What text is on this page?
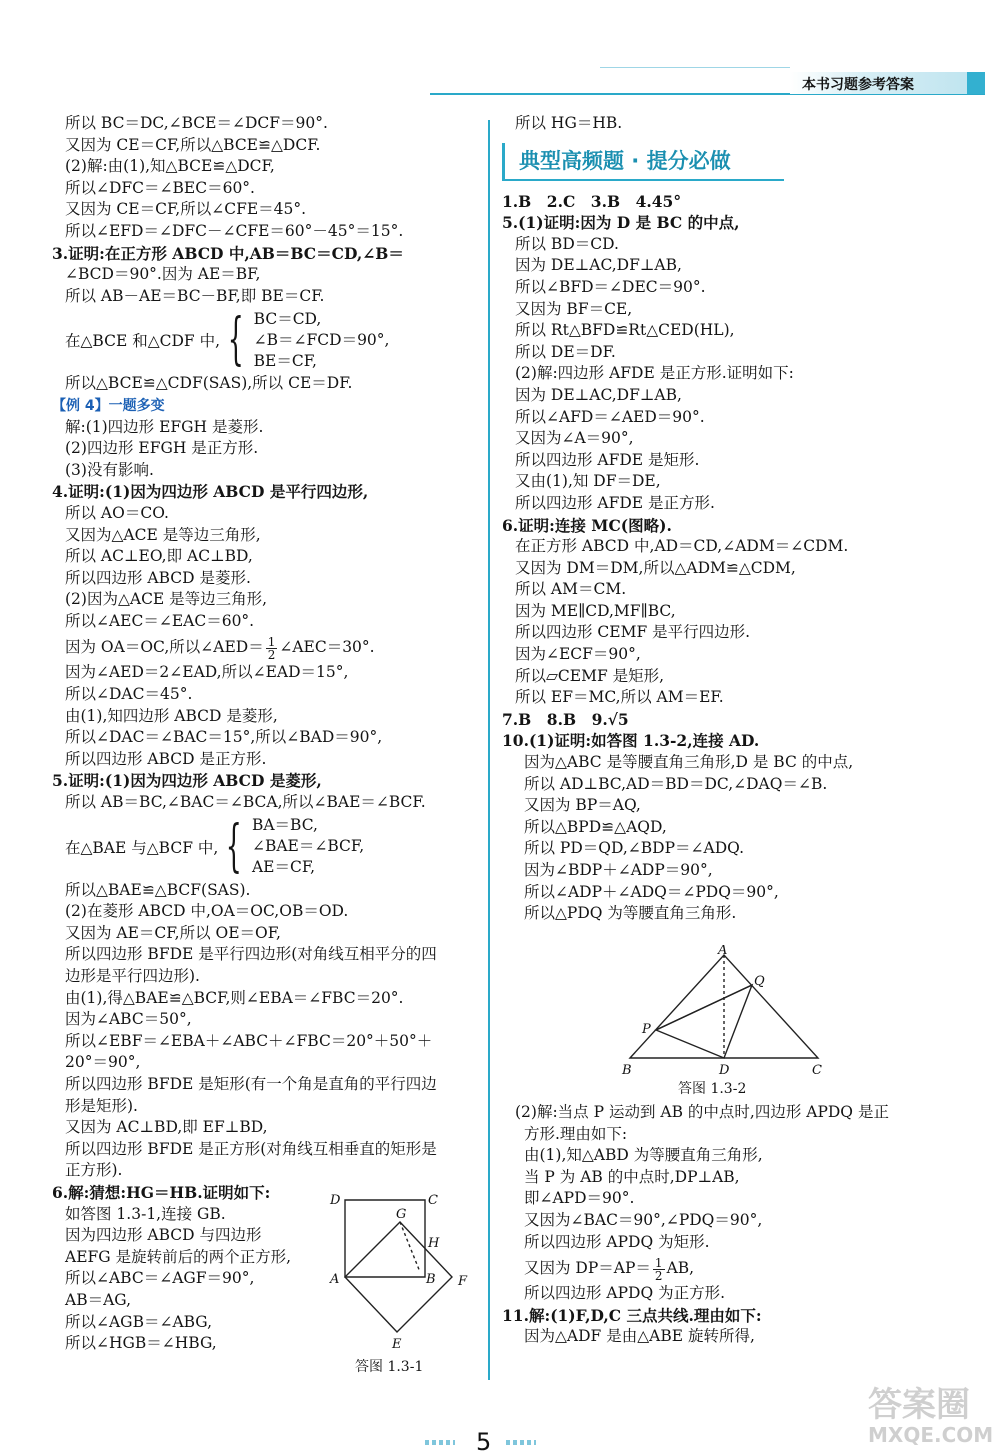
本书习题参考答案
所以 BC＝DC,∠BCE＝∠DCF＝90°.
又因为 CE＝CF,所以△BCE≌△DCF.
(2)解:由(1),知△BCE≌△DCF,
所以∠DFC＝∠BEC＝60°.
又因为 CE＝CF,所以∠CFE＝45°.
所以∠EFD＝∠DFC－∠CFE＝60°－45°＝15°.
3.证明:在正方形 ABCD 中,AB＝BC＝CD,∠B＝
∠BCD＝90°.因为 AE＝BF,
所以 AB－AE＝BC－BF,即 BE＝CF.
在△BCE 和△CDF 中, { BC＝CD,
∠B＝∠FCD＝90°,
BE＝CF,
所以△BCE≌△CDF(SAS),所以 CE＝DF.
【例 4】一题多变
解:(1)四边形 EFGH 是菱形.
(2)四边形 EFGH 是正方形.
(3)没有影响.
4.证明:(1)因为四边形 ABCD 是平行四边形,
所以 AO＝CO.
又因为△ACE 是等边三角形,
所以 AC⊥EO,即 AC⊥BD,
所以四边形 ABCD 是菱形.
(2)因为△ACE 是等边三角形,
所以∠AEC＝∠EAC＝60°.
因为 OA＝OC,所以∠AED＝ $\frac{1}{2}$ ∠AEC＝30°.
因为∠AED＝2∠EAD,所以∠EAD＝15°,
所以∠DAC＝45°.
由(1),知四边形 ABCD 是菱形,
所以∠DAC＝∠BAC＝15°,所以∠BAD＝90°,
所以四边形 ABCD 是正方形.
5.证明:(1)因为四边形 ABCD 是菱形,
所以 AB＝BC,∠BAC＝∠BCA,所以∠BAE＝∠BCF.
在△BAE 与△BCF 中, { BA＝BC,
∠BAE＝∠BCF,
AE＝CF,
所以△BAE≌△BCF(SAS).
(2)在菱形 ABCD 中,OA＝OC,OB＝OD.
又因为 AE＝CF,所以 OE＝OF,
所以四边形 BFDE 是平行四边形(对角线互相平分的四
边形是平行四边形).
由(1),得△BAE≌△BCF,则∠EBA＝∠FBC＝20°.
因为∠ABC＝50°,
所以∠EBF＝∠EBA＋∠ABC＋∠FBC＝20°＋50°＋
20°＝90°,
所以四边形 BFDE 是矩形(有一个角是直角的平行四边
形是矩形).
又因为 AC⊥BD,即 EF⊥BD,
所以四边形 BFDE 是正方形(对角线互相垂直的矩形是
正方形).
6.解:猜想:HG＝HB.证明如下:
如答图 1.3-1,连接 GB.
因为四边形 ABCD 与四边形
AEFG 是旋转前后的两个正方形,
所以∠ABC＝∠AGF＝90°,
AB＝AG,
所以∠AGB＝∠ABG,
所以∠HGB＝∠HBG,
D	C
G
H
A	B F
E
答图 1.3-1
所以 HG＝HB.
典型高频题 · 提分必做
1.B　2.C　3.B　4.45°
5.(1)证明:因为 D 是 BC 的中点,
所以 BD＝CD.
因为 DE⊥AC,DF⊥AB,
所以∠BFD＝∠DEC＝90°.
又因为 BF＝CE,
所以 Rt△BFD≌Rt△CED(HL),
所以 DE＝DF.
(2)解:四边形 AFDE 是正方形.证明如下:
因为 DE⊥AC,DF⊥AB,
所以∠AFD＝∠AED＝90°.
又因为∠A＝90°,
所以四边形 AFDE 是矩形.
又由(1),知 DF＝DE,
所以四边形 AFDE 是正方形.
6.证明:连接 MC(图略).
在正方形 ABCD 中,AD＝CD,∠ADM＝∠CDM.
又因为 DM＝DM,所以△ADM≌△CDM,
所以 AM＝CM.
因为 ME∥CD,MF∥BC,
所以四边形 CEMF 是平行四边形.
因为∠ECF＝90°,
所以▱CEMF 是矩形,
所以 EF＝MC,所以 AM＝EF.
7.B　8.B　9.√5
10.(1)证明:如答图 1.3-2,连接 AD.
因为△ABC 是等腰直角三角形,D 是 BC 的中点,
所以 AD⊥BC,AD＝BD＝DC,∠DAQ＝∠B.
又因为 BP＝AQ,
所以△BPD≌△AQD,
所以 PD＝QD,∠BDP＝∠ADQ.
因为∠BDP＋∠ADP＝90°,
所以∠ADP＋∠ADQ＝∠PDQ＝90°,
所以△PDQ 为等腰直角三角形.
A
Q
P
B	D	C
答图 1.3-2
(2)解:当点 P 运动到 AB 的中点时,四边形 APDQ 是正
方形.理由如下:
由(1),知△ABD 为等腰直角三角形,
当 P 为 AB 的中点时,DP⊥AB,
即∠APD＝90°.
又因为∠BAC＝90°,∠PDQ＝90°,
所以四边形 APDQ 为矩形.
又因为 $DP=AP= \frac{1}{2}$ AB,
所以四边形 APDQ 为正方形.
11.解:(1)F,D,C 三点共线.理由如下:
因为△ADF 是由△ABE 旋转所得,
5
答案圈
MXQE.COM
